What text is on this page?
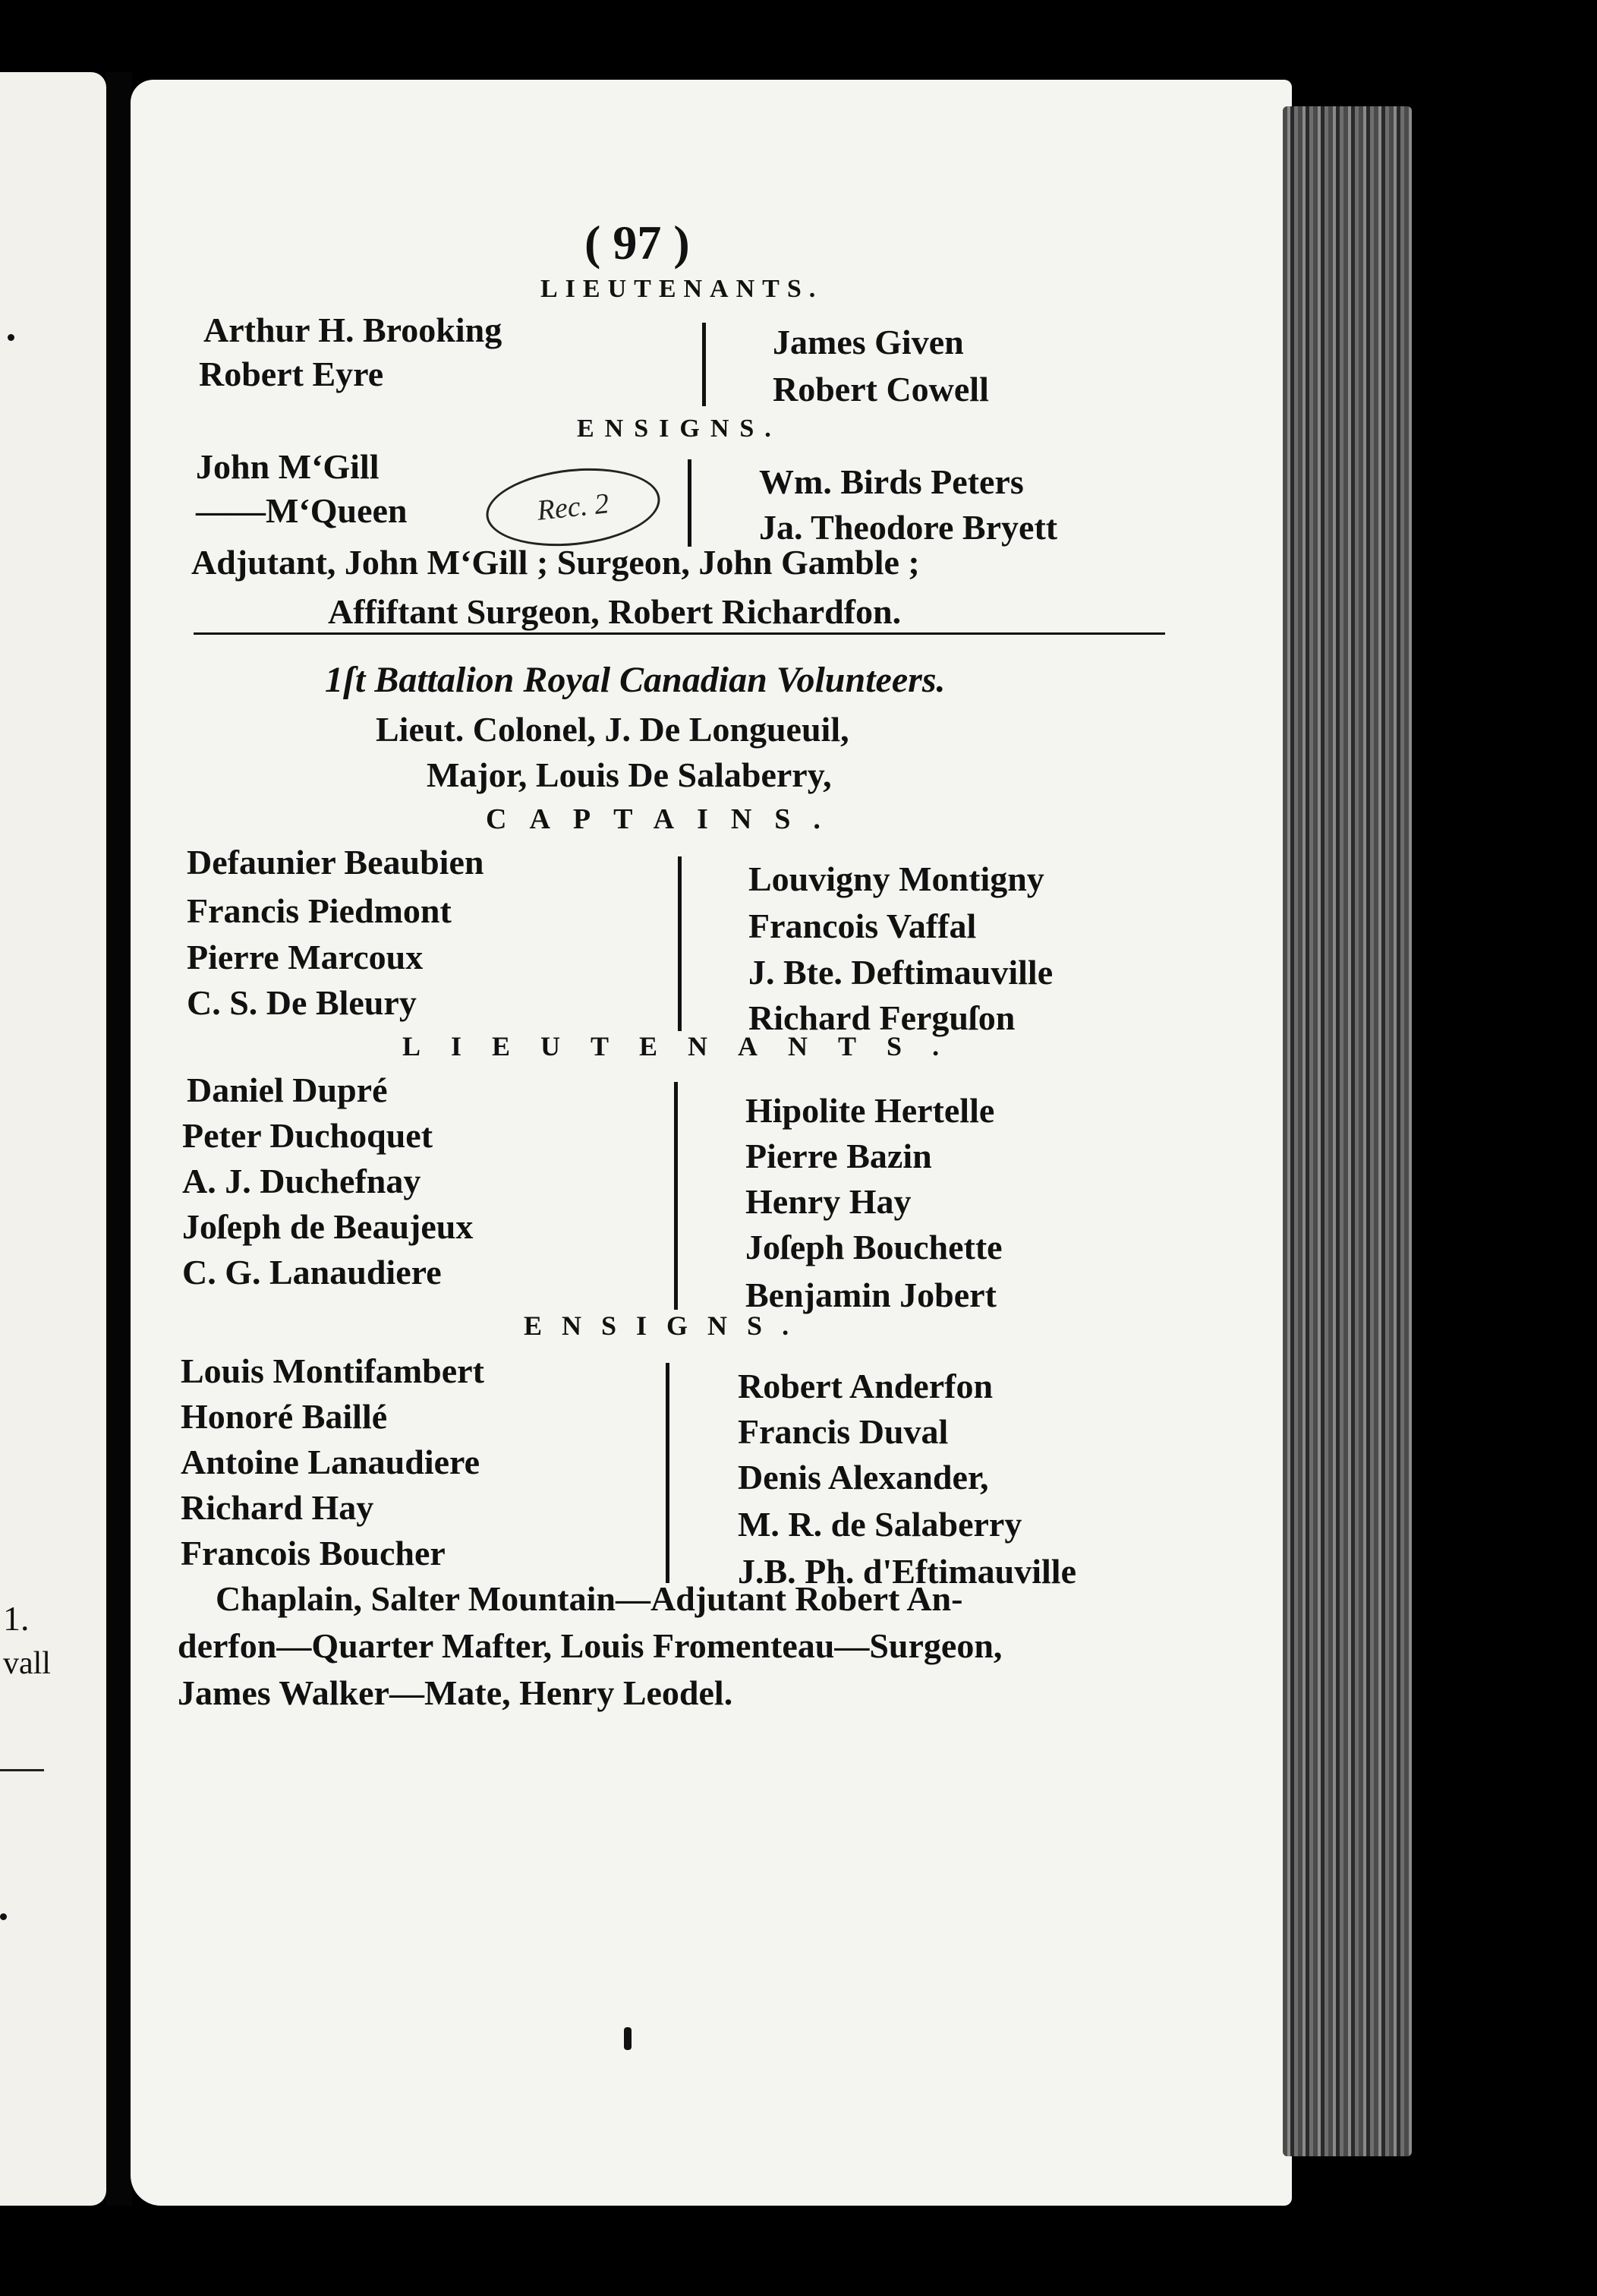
1.
vall
( 97 )
LIEUTENANTS.
Arthur H. Brooking
Robert Eyre
James Given
Robert Cowell
ENSIGNS.
John M‘Gill
——M‘Queen	Rec. 2
Wm. Birds Peters
Ja. Theodore Bryett
Adjutant, John M‘Gill ; Surgeon, John Gamble ;
Affiftant Surgeon, Robert Richardfon.
1ſt Battalion Royal Canadian Volunteers.
Lieut. Colonel, J. De Longueuil,
Major, Louis De Salaberry,
CAPTAINS.
Defaunier Beaubien
Francis Piedmont
Pierre Marcoux
C. S. De Bleury
Louvigny Montigny
Francois Vaffal
J. Bte. Deftimauville
Richard Ferguſon
LIEUTENANTS.
Daniel Dupré
Peter Duchoquet
A. J. Duchefnay
Joſeph de Beaujeux
C. G. Lanaudiere
Hipolite Hertelle
Pierre Bazin
Henry Hay
Joſeph Bouchette
Benjamin Jobert
ENSIGNS.
Louis Montifambert
Honoré Baillé
Antoine Lanaudiere
Richard Hay
Francois Boucher
Robert Anderfon
Francis Duval
Denis Alexander,
M. R. de Salaberry
J.B. Ph. d'Eftimauville
Chaplain, Salter Mountain—Adjutant Robert An-
derfon—Quarter Mafter, Louis Fromenteau—Surgeon,
James Walker—Mate, Henry Leodel.
